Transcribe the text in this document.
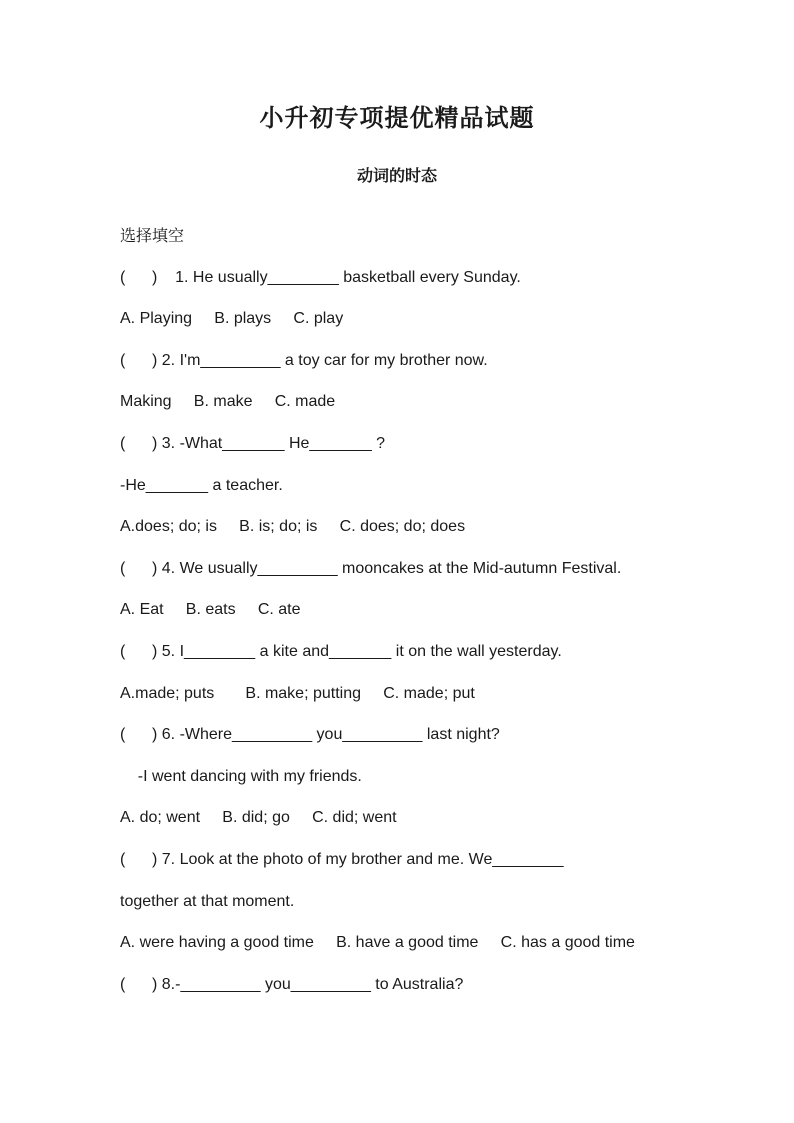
小升初专项提优精品试题
动词的时态
选择填空
(      )    1. He usually________ basketball every Sunday.
A. Playing     B. plays     C. play
(      ) 2. I'm_________ a toy car for my brother now.
Making     B. make     C. made
(      ) 3. -What_______ He_______ ?
-He_______ a teacher.
A.does; do; is     B. is; do; is     C. does; do; does
(      ) 4. We usually_________ mooncakes at the Mid-autumn Festival.
A. Eat     B. eats     C. ate
(      ) 5. I________ a kite and_______ it on the wall yesterday.
A.made; puts       B. make; putting     C. made; put
(      ) 6. -Where_________ you_________ last night?
-I went dancing with my friends.
A. do; went     B. did; go     C. did; went
(      ) 7. Look at the photo of my brother and me. We________
together at that moment.
A. were having a good time     B. have a good time     C. has a good time
(      ) 8.-_________ you_________ to Australia?
